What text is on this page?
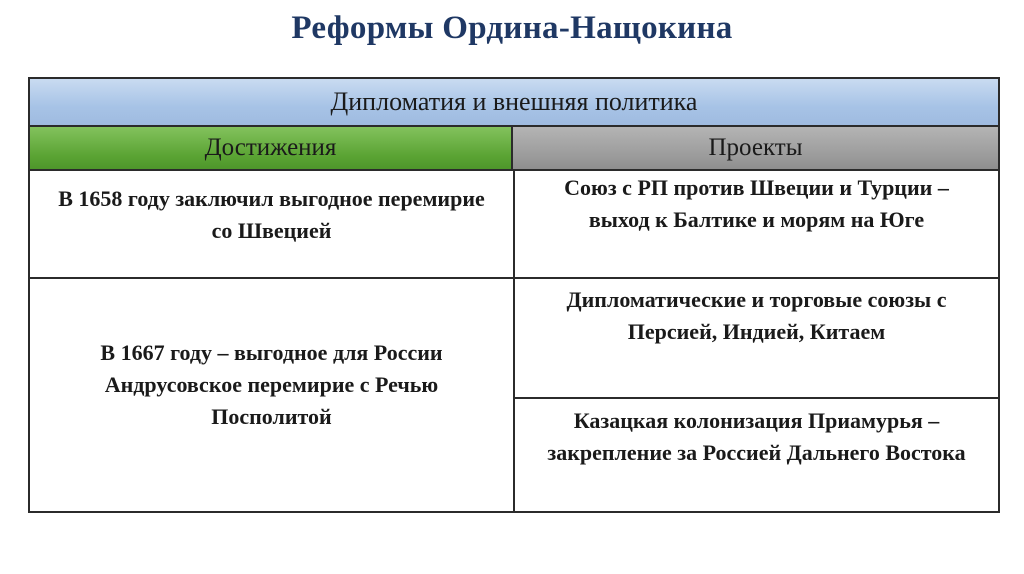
Реформы Ордина-Нащокина
Дипломатия и внешняя политика
Достижения	Проекты
В 1658 году заключил выгодное перемирие со Швецией
В 1667 году – выгодное для России Андрусовское перемирие с Речью Посполитой
Союз с РП против Швеции и Турции – выход к Балтике и морям на Юге
Дипломатические и торговые союзы с Персией, Индией, Китаем
Казацкая колонизация Приамурья – закрепление за Россией Дальнего Востока
